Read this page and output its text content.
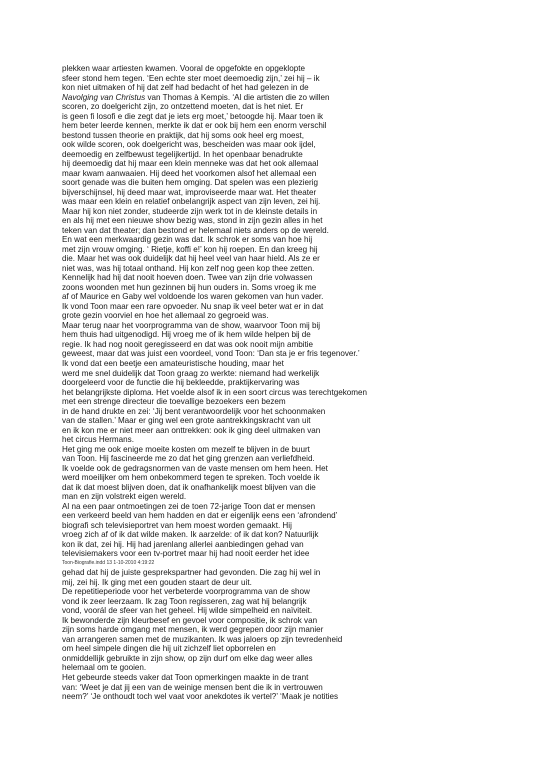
plekken waar artiesten kwamen. Vooral de opgefokte en opgeklopte
sfeer stond hem tegen. ‘Een echte ster moet deemoedig zijn,’ zei hij – ik
kon niet uitmaken of hij dat zelf had bedacht of het had gelezen in de
Navolging van Christus van Thomas à Kempis. ‘Al die artisten die zo willen
scoren, zo doelgericht zijn, zo ontzettend moeten, dat is het niet. Er
is geen fi losofi e die zegt dat je iets erg moet,’ betoogde hij. Maar toen ik
hem beter leerde kennen, merkte ik dat er ook bij hem een enorm verschil
bestond tussen theorie en praktijk, dat hij soms ook heel erg moest,
ook wilde scoren, ook doelgericht was, bescheiden was maar ook ijdel,
deemoedig en zelfbewust tegelijkertijd. In het openbaar benadrukte
hij deemoedig dat hij maar een klein menneke was dat het ook allemaal
maar kwam aanwaaien. Hij deed het voorkomen alsof het allemaal een
soort genade was die buiten hem omging. Dat spelen was een plezierig
bijverschijnsel, hij deed maar wat, improviseerde maar wat. Het theater
was maar een klein en relatief onbelangrijk aspect van zijn leven, zei hij.
Maar hij kon niet zonder, studeerde zijn werk tot in de kleinste details in
en als hij met een nieuwe show bezig was, stond in zijn gezin alles in het
teken van dat theater; dan bestond er helemaal niets anders op de wereld.
En wat een merkwaardig gezin was dat. Ik schrok er soms van hoe hij
met zijn vrouw omging. ‘ Rietje, koffi e!’ kon hij roepen. En dan kreeg hij
die. Maar het was ook duidelijk dat hij heel veel van haar hield. Als ze er
niet was, was hij totaal onthand. Hij kon zelf nog geen kop thee zetten.
Kennelijk had hij dat nooit hoeven doen. Twee van zijn drie volwassen
zoons woonden met hun gezinnen bij hun ouders in. Soms vroeg ik me
af of Maurice en Gaby wel voldoende los waren gekomen van hun vader.
Ik vond Toon maar een rare opvoeder. Nu snap ik veel beter wat er in dat
grote gezin voorviel en hoe het allemaal zo gegroeid was.
Maar terug naar het voorprogramma van de show, waarvoor Toon mij bij
hem thuis had uitgenodigd. Hij vroeg me of ik hem wilde helpen bij de
regie. Ik had nog nooit geregisseerd en dat was ook nooit mijn ambitie
geweest, maar dat was juist een voordeel, vond Toon: ‘Dan sta je er fris tegenover.’
Ik vond dat een beetje een amateuristische houding, maar het
werd me snel duidelijk dat Toon graag zo werkte: niemand had werkelijk
doorgeleerd voor de functie die hij bekleedde, praktijkervaring was
het belangrijkste diploma. Het voelde alsof ik in een soort circus was terechtgekomen
met een strenge directeur die toevallige bezoekers een bezem
in de hand drukte en zei: ‘Jij bent verantwoordelijk voor het schoonmaken
van de stallen.’ Maar er ging wel een grote aantrekkingskracht van uit
en ik kon me er niet meer aan onttrekken: ook ik ging deel uitmaken van
het circus Hermans.
Het ging me ook enige moeite kosten om mezelf te blijven in de buurt
van Toon. Hij fascineerde me zo dat het ging grenzen aan verliefdheid.
Ik voelde ook de gedragsnormen van de vaste mensen om hem heen. Het
werd moeilijker om hem onbekommerd tegen te spreken. Toch voelde ik
dat ik dat moest blijven doen, dat ik onafhankelijk moest blijven van die
man en zijn volstrekt eigen wereld.
Al na een paar ontmoetingen zei de toen 72-jarige Toon dat er mensen
een verkeerd beeld van hem hadden en dat er eigenlijk eens een ‘afrondend’
biografi sch televisieportret van hem moest worden gemaakt. Hij
vroeg zich af of ik dat wilde maken. Ik aarzelde: of ik dat kon? Natuurlijk
kon ik dat, zei hij. Hij had jarenlang allerlei aanbiedingen gehad van
televisiemakers voor een tv-portret maar hij had nooit eerder het idee
Toon-Biografie.indd 13 1-10-2010 4:19:22
gehad dat hij de juiste gesprekspartner had gevonden. Die zag hij wel in
mij, zei hij. Ik ging met een gouden staart de deur uit.
De repetitieperiode voor het verbeterde voorprogramma van de show
vond ik zeer leerzaam. Ik zag Toon regisseren, zag wat hij belangrijk
vond, voorál de sfeer van het geheel. Hij wilde simpelheid en naïviteit.
Ik bewonderde zijn kleurbesef en gevoel voor compositie, ik schrok van
zijn soms harde omgang met mensen, ik werd gegrepen door zijn manier
van arrangeren samen met de muzikanten. Ik was jaloers op zijn tevredenheid
om heel simpele dingen die hij uit zichzelf liet opborrelen en
onmiddellijk gebruikte in zijn show, op zijn durf om elke dag weer alles
helemaal om te gooien.
Het gebeurde steeds vaker dat Toon opmerkingen maakte in de trant
van: ‘Weet je dat jij een van de weinige mensen bent die ik in vertrouwen
neem?’ ‘Je onthoudt toch wel vaat voor anekdotes ik vertel?’ ‘Maak je notities
